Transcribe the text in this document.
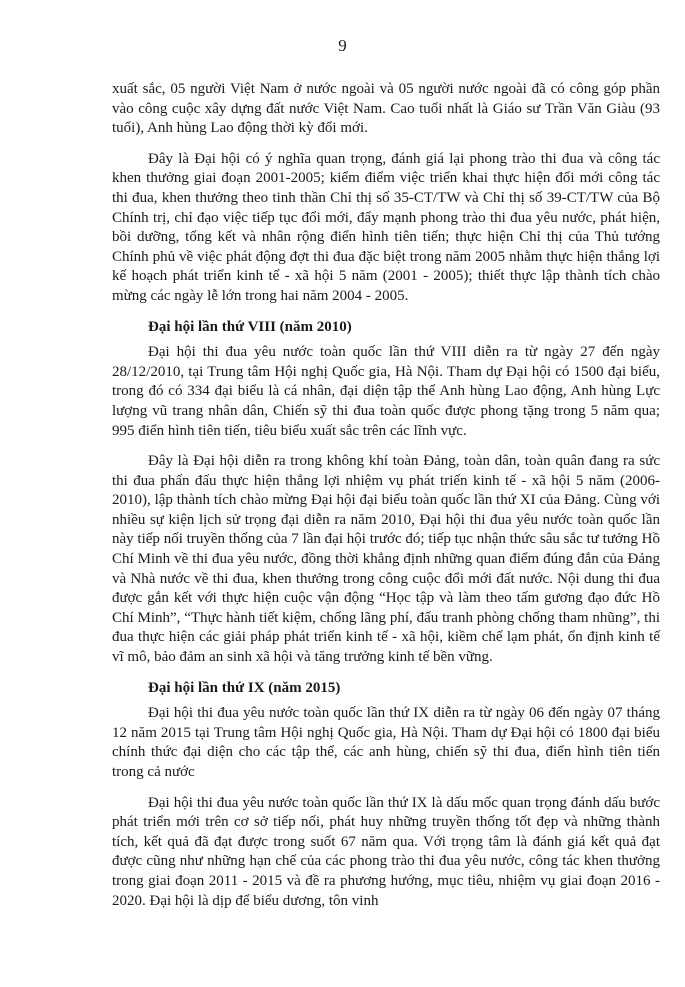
9

xuất sắc, 05 người Việt Nam ở nước ngoài và 05 người nước ngoài đã có công góp phần vào công cuộc xây dựng đất nước Việt Nam. Cao tuổi nhất là Giáo sư Trần Văn Giàu (93 tuổi), Anh hùng Lao động thời kỳ đổi mới.

Đây là Đại hội có ý nghĩa quan trọng, đánh giá lại phong trào thi đua và công tác khen thưởng giai đoạn 2001-2005; kiểm điểm việc triển khai thực hiện đổi mới công tác thi đua, khen thưởng theo tinh thần Chỉ thị số 35-CT/TW và Chỉ thị số 39-CT/TW của Bộ Chính trị, chỉ đạo việc tiếp tục đổi mới, đẩy mạnh phong trào thi đua yêu nước, phát hiện, bồi dưỡng, tổng kết và nhân rộng điển hình tiên tiến; thực hiện Chỉ thị của Thủ tướng Chính phủ về việc phát động đợt thi đua đặc biệt trong năm 2005 nhằm thực hiện thắng lợi kế hoạch phát triển kinh tế - xã hội 5 năm (2001 - 2005); thiết thực lập thành tích chào mừng các ngày lễ lớn trong hai năm 2004 - 2005.

Đại hội lần thứ VIII (năm 2010)

Đại hội thi đua yêu nước toàn quốc lần thứ VIII diễn ra từ ngày 27 đến ngày 28/12/2010, tại Trung tâm Hội nghị Quốc gia, Hà Nội. Tham dự Đại hội có 1500 đại biểu, trong đó có 334 đại biểu là cá nhân, đại diện tập thể Anh hùng Lao động, Anh hùng Lực lượng vũ trang nhân dân, Chiến sỹ thi đua toàn quốc được phong tặng trong 5 năm qua; 995 điển hình tiên tiến, tiêu biểu xuất sắc trên các lĩnh vực.

Đây là Đại hội diễn ra trong không khí toàn Đảng, toàn dân, toàn quân đang ra sức thi đua phấn đấu thực hiện thắng lợi nhiệm vụ phát triển kinh tế - xã hội 5 năm (2006-2010), lập thành tích chào mừng Đại hội đại biểu toàn quốc lần thứ XI của Đảng. Cùng với nhiều sự kiện lịch sử trọng đại diễn ra năm 2010, Đại hội thi đua yêu nước toàn quốc lần này tiếp nối truyền thống của 7 lần đại hội trước đó; tiếp tục nhận thức sâu sắc tư tưởng Hồ Chí Minh về thi đua yêu nước, đồng thời khẳng định những quan điểm đúng đắn của Đảng và Nhà nước về thi đua, khen thưởng trong công cuộc đổi mới đất nước. Nội dung thi đua được gắn kết với thực hiện cuộc vận động “Học tập và làm theo tấm gương đạo đức Hồ Chí Minh”, “Thực hành tiết kiệm, chống lãng phí, đấu tranh phòng chống tham nhũng”, thi đua thực hiện các giải pháp phát triển kinh tế - xã hội, kiềm chế lạm phát, ổn định kinh tế vĩ mô, bảo đảm an sinh xã hội và tăng trưởng kinh tế bền vững.

Đại hội lần thứ IX (năm 2015)

Đại hội thi đua yêu nước toàn quốc lần thứ IX diễn ra từ ngày 06 đến ngày 07 tháng 12 năm 2015 tại Trung tâm Hội nghị Quốc gia, Hà Nội. Tham dự Đại hội có 1800 đại biểu chính thức đại diện cho các tập thể, các anh hùng, chiến sỹ thi đua, điển hình tiên tiến trong cả nước

Đại hội thi đua yêu nước toàn quốc lần thứ IX là dấu mốc quan trọng đánh dấu bước phát triển mới trên cơ sở tiếp nối, phát huy những truyền thống tốt đẹp và những thành tích, kết quả đã đạt được trong suốt 67 năm qua. Với trọng tâm là đánh giá kết quả đạt được cũng như những hạn chế của các phong trào thi đua yêu nước, công tác khen thưởng trong giai đoạn 2011 - 2015 và đề ra phương hướng, mục tiêu, nhiệm vụ giai đoạn 2016 - 2020. Đại hội là dịp để biểu dương, tôn vinh
